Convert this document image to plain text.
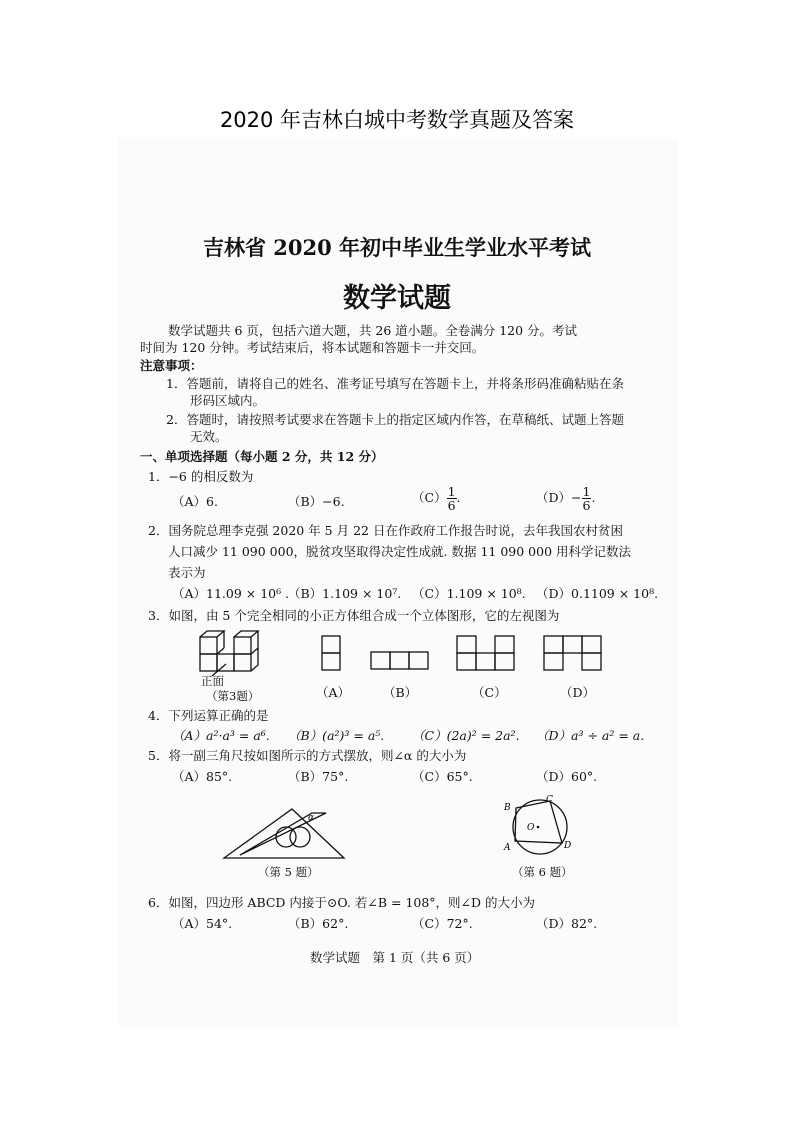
2020 年吉林白城中考数学真题及答案
吉林省 2020 年初中毕业生学业水平考试
数学试题
数学试题共 6 页，包括六道大题，共 26 道小题。全卷满分 120 分。考试
时间为 120 分钟。考试结束后，将本试题和答题卡一并交回。
注意事项：
1．答题前，请将自己的姓名、准考证号填写在答题卡上，并将条形码准确粘贴在条
形码区域内。
2．答题时，请按照考试要求在答题卡上的指定区域内作答，在草稿纸、试题上答题
无效。
一、单项选择题（每小题 2 分，共 12 分）
1．−6 的相反数为
（A）6.	（B）−6.	$(C) \frac{1}{6}$ .	$(D)- \frac{1}{6}$ .
2．国务院总理李克强 2020 年 5 月 22 日在作政府工作报告时说，去年我国农村贫困
人口减少 11 090 000，脱贫攻坚取得决定性成就. 数据 11 090 000 用科学记数法
表示为
（A）11.09 × 10⁶ .
（B）1.109 × 10⁷. （C）1.109 × 10⁸. （D）0.1109 × 10⁸.
3．如图，由 5 个完全相同的小正方体组合成一个立体图形，它的左视图为
正面
（第3题）	（A）	（B）	（C）	（D）
4．下列运算正确的是
（A）a²·a³ = a⁶. （B）(a²)³ = a⁵. （C）(2a)² = 2a². （D）a³ ÷ a² = a.
5．将一副三角尺按如图所示的方式摆放，则∠α 的大小为
（A）85°.	（B）75°.	（C）65°.	（D）60°.
α
（第 5 题）
B
C
A	D
O
（第 6 题）
6．如图，四边形 ABCD 内接于⊙O. 若∠B = 108°，则∠D 的大小为
（A）54°.	（B）62°.	（C）72°.	（D）82°.
数学试题　第 1 页（共 6 页）
